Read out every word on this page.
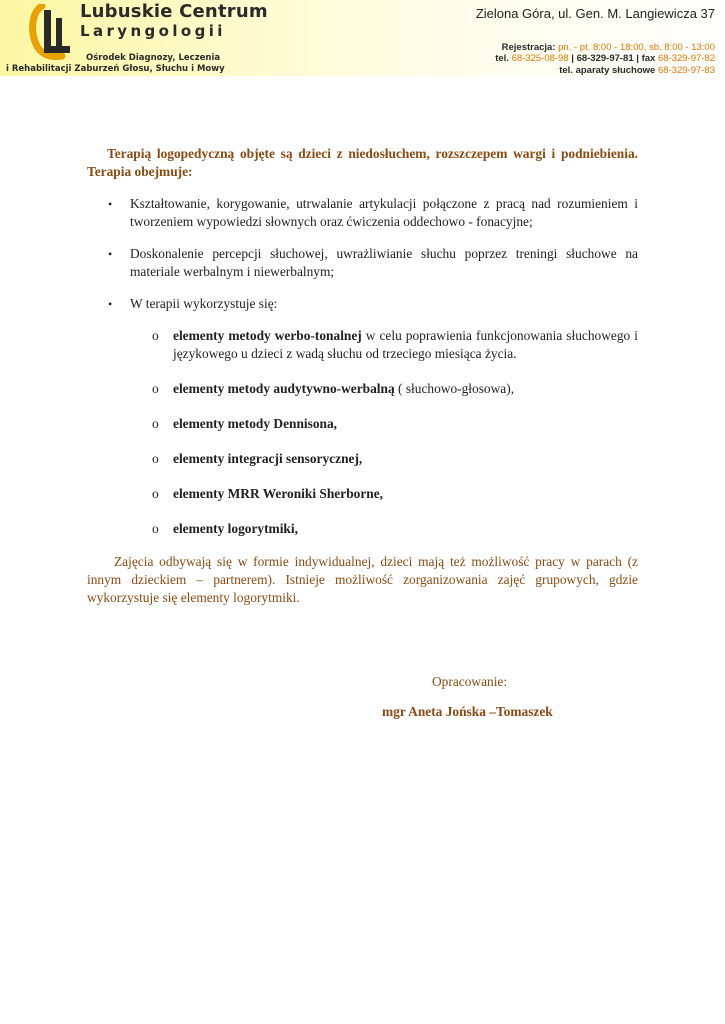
Lubuskie Centrum
Laryngologii
Ośrodek Diagnozy, Leczenia
i Rehabilitacji Zaburzeń Głosu, Słuchu i Mowy
Zielona Góra, ul. Gen. M. Langiewicza 37
Rejestracja: pn. - pt. 8:00 - 18:00, sb. 8:00 - 13:00
tel. 68-325-08-98 | 68-329-97-81 | fax 68-329-97-82
tel. aparaty słuchowe 68-329-97-83

Terapią logopedyczną objęte są dzieci z niedosłuchem, rozszczepem wargi i podniebienia. Terapia obejmuje:

• Kształtowanie, korygowanie, utrwalanie artykulacji połączone z pracą nad rozumieniem i tworzeniem wypowiedzi słownych oraz ćwiczenia oddechowo - fonacyjne;
• Doskonalenie percepcji słuchowej, uwrażliwianie słuchu poprzez treningi słuchowe na materiale werbalnym i niewerbalnym;
• W terapii wykorzystuje się:
o elementy metody werbo-tonalnej w celu poprawienia funkcjonowania słuchowego i językowego u dzieci z wadą słuchu od trzeciego miesiąca życia.
o elementy metody audytywno-werbalną ( słuchowo-głosowa),
o elementy metody Dennisona,
o elementy integracji sensorycznej,
o elementy MRR Weroniki Sherborne,
o elementy logorytmiki,

Zajęcia odbywają się w formie indywidualnej, dzieci mają też możliwość pracy w parach (z innym dzieckiem – partnerem). Istnieje możliwość zorganizowania zajęć grupowych, gdzie wykorzystuje się elementy logorytmiki.

Opracowanie:
mgr Aneta Jońska –Tomaszek
